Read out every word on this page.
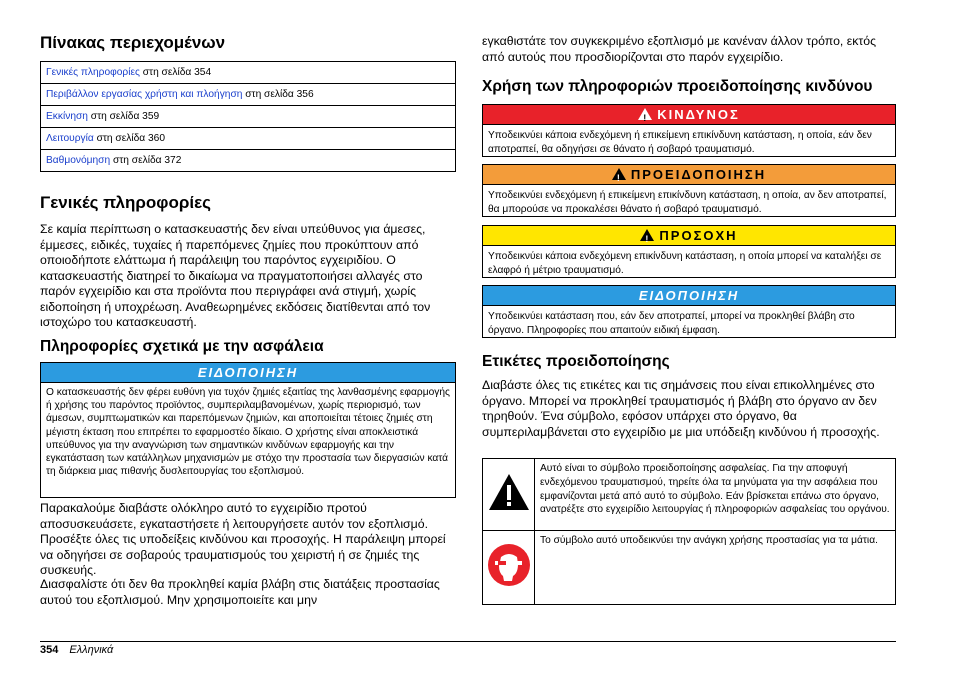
Πίνακας περιεχομένων
Γενικές πληροφορίες στη σελίδα 354
Περιβάλλον εργασίας χρήστη και πλοήγηση στη σελίδα 356
Εκκίνηση στη σελίδα 359
Λειτουργία στη σελίδα 360
Βαθμονόμηση στη σελίδα 372
Γενικές πληροφορίες

Σε καμία περίπτωση ο κατασκευαστής δεν είναι υπεύθυνος για άμεσες, έμμεσες, ειδικές, τυχαίες ή παρεπόμενες ζημίες που προκύπτουν από οποιοδήποτε ελάττωμα ή παράλειψη του παρόντος εγχειριδίου. Ο κατασκευαστής διατηρεί το δικαίωμα να πραγματοποιήσει αλλαγές στο παρόν εγχειρίδιο και στα προϊόντα που περιγράφει ανά στιγμή, χωρίς ειδοποίηση ή υποχρέωση. Αναθεωρημένες εκδόσεις διατίθενται από τον ιστοχώρο του κατασκευαστή.

Πληροφορίες σχετικά με την ασφάλεια
ΕΙΔΟΠΟΙΗΣΗ
Ο κατασκευαστής δεν φέρει ευθύνη για τυχόν ζημιές εξαιτίας της λανθασμένης εφαρμογής ή χρήσης του παρόντος προϊόντος, συμπεριλαμβανομένων, χωρίς περιορισμό, των άμεσων, συμπτωματικών και παρεπόμενων ζημιών, και αποποιείται τέτοιες ζημιές στη μέγιστη έκταση που επιτρέπει το εφαρμοστέο δίκαιο. Ο χρήστης είναι αποκλειστικά υπεύθυνος για την αναγνώριση των σημαντικών κινδύνων εφαρμογής και την εγκατάσταση των κατάλληλων μηχανισμών με στόχο την προστασία των διεργασιών κατά τη διάρκεια μιας πιθανής δυσλειτουργίας του εξοπλισμού.

Παρακαλούμε διαβάστε ολόκληρο αυτό το εγχειρίδιο προτού αποσυσκευάσετε, εγκαταστήσετε ή λειτουργήσετε αυτόν τον εξοπλισμό. Προσέξτε όλες τις υποδείξεις κινδύνου και προσοχής. Η παράλειψη μπορεί να οδηγήσει σε σοβαρούς τραυματισμούς του χειριστή ή σε ζημιές της συσκευής.

Διασφαλίστε ότι δεν θα προκληθεί καμία βλάβη στις διατάξεις προστασίας αυτού του εξοπλισμού. Μην χρησιμοποιείτε και μην

εγκαθιστάτε τον συγκεκριμένο εξοπλισμό με κανέναν άλλον τρόπο, εκτός από αυτούς που προσδιορίζονται στο παρόν εγχειρίδιο.

Χρήση των πληροφοριών προειδοποίησης κινδύνου
!ΚΙΝΔΥΝΟΣ
Υποδεικνύει κάποια ενδεχόμενη ή επικείμενη επικίνδυνη κατάσταση, η οποία, εάν δεν αποτραπεί, θα οδηγήσει σε θάνατο ή σοβαρό τραυματισμό.
!ΠΡΟΕΙΔΟΠΟΙΗΣΗ
Υποδεικνύει ενδεχόμενη ή επικείμενη επικίνδυνη κατάσταση, η οποία, αν δεν αποτραπεί, θα μπορούσε να προκαλέσει θάνατο ή σοβαρό τραυματισμό.
!ΠΡΟΣΟΧΗ
Υποδεικνύει κάποια ενδεχόμενη επικίνδυνη κατάσταση, η οποία μπορεί να καταλήξει σε ελαφρό ή μέτριο τραυματισμό.
ΕΙΔΟΠΟΙΗΣΗ
Υποδεικνύει κατάσταση που, εάν δεν αποτραπεί, μπορεί να προκληθεί βλάβη στο όργανο. Πληροφορίες που απαιτούν ειδική έμφαση.
Ετικέτες προειδοποίησης

Διαβάστε όλες τις ετικέτες και τις σημάνσεις που είναι επικολλημένες στο όργανο. Μπορεί να προκληθεί τραυματισμός ή βλάβη στο όργανο αν δεν τηρηθούν. Ένα σύμβολο, εφόσον υπάρχει στο όργανο, θα συμπεριλαμβάνεται στο εγχειρίδιο με μια υπόδειξη κινδύνου ή προσοχής.

	Αυτό είναι το σύμβολο προειδοποίησης ασφαλείας. Για την αποφυγή ενδεχόμενου τραυματισμού, τηρείτε όλα τα μηνύματα για την ασφάλεια που εμφανίζονται μετά από αυτό το σύμβολο. Εάν βρίσκεται επάνω στο όργανο, ανατρέξτε στο εγχειρίδιο λειτουργίας ή πληροφοριών ασφαλείας του οργάνου.
	Το σύμβολο αυτό υποδεικνύει την ανάγκη χρήσης προστασίας για τα μάτια.
354 Ελληνικά
